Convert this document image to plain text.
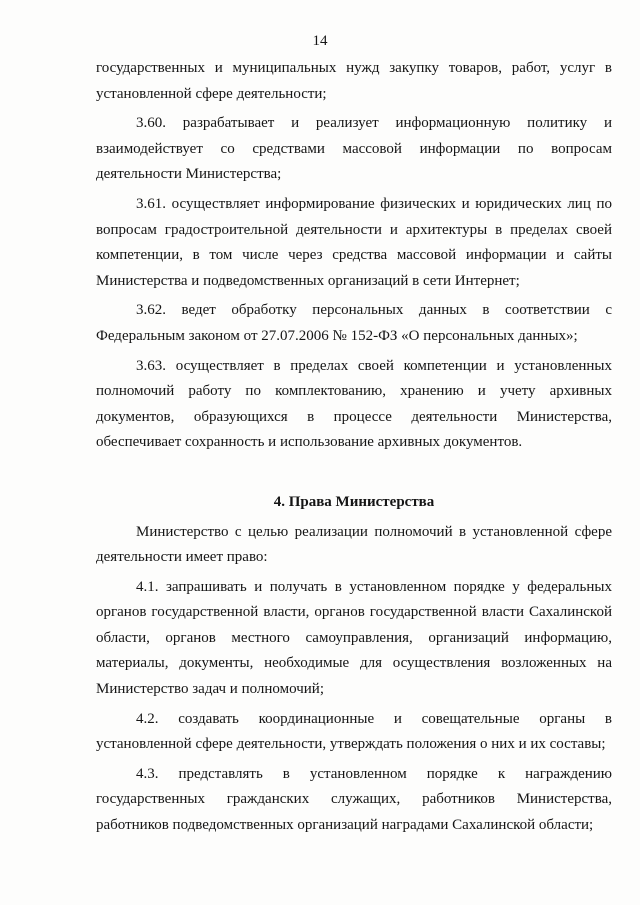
14

государственных и муниципальных нужд закупку товаров, работ, услуг в установленной сфере деятельности;

3.60. разрабатывает и реализует информационную политику и взаимодействует со средствами массовой информации по вопросам деятельности Министерства;

3.61. осуществляет информирование физических и юридических лиц по вопросам градостроительной деятельности и архитектуры в пределах своей компетенции, в том числе через средства массовой информации и сайты Министерства и подведомственных организаций в сети Интернет;

3.62. ведет обработку персональных данных в соответствии с Федеральным законом от 27.07.2006 № 152-ФЗ «О персональных данных»;

3.63. осуществляет в пределах своей компетенции и установленных полномочий работу по комплектованию, хранению и учету архивных документов, образующихся в процессе деятельности Министерства, обеспечивает сохранность и использование архивных документов.

4. Права Министерства

Министерство с целью реализации полномочий в установленной сфере деятельности имеет право:

4.1. запрашивать и получать в установленном порядке у федеральных органов государственной власти, органов государственной власти Сахалинской области, органов местного самоуправления, организаций информацию, материалы, документы, необходимые для осуществления возложенных на Министерство задач и полномочий;

4.2. создавать координационные и совещательные органы в установленной сфере деятельности, утверждать положения о них и их составы;

4.3. представлять в установленном порядке к награждению государственных гражданских служащих, работников Министерства, работников подведомственных организаций наградами Сахалинской области;
